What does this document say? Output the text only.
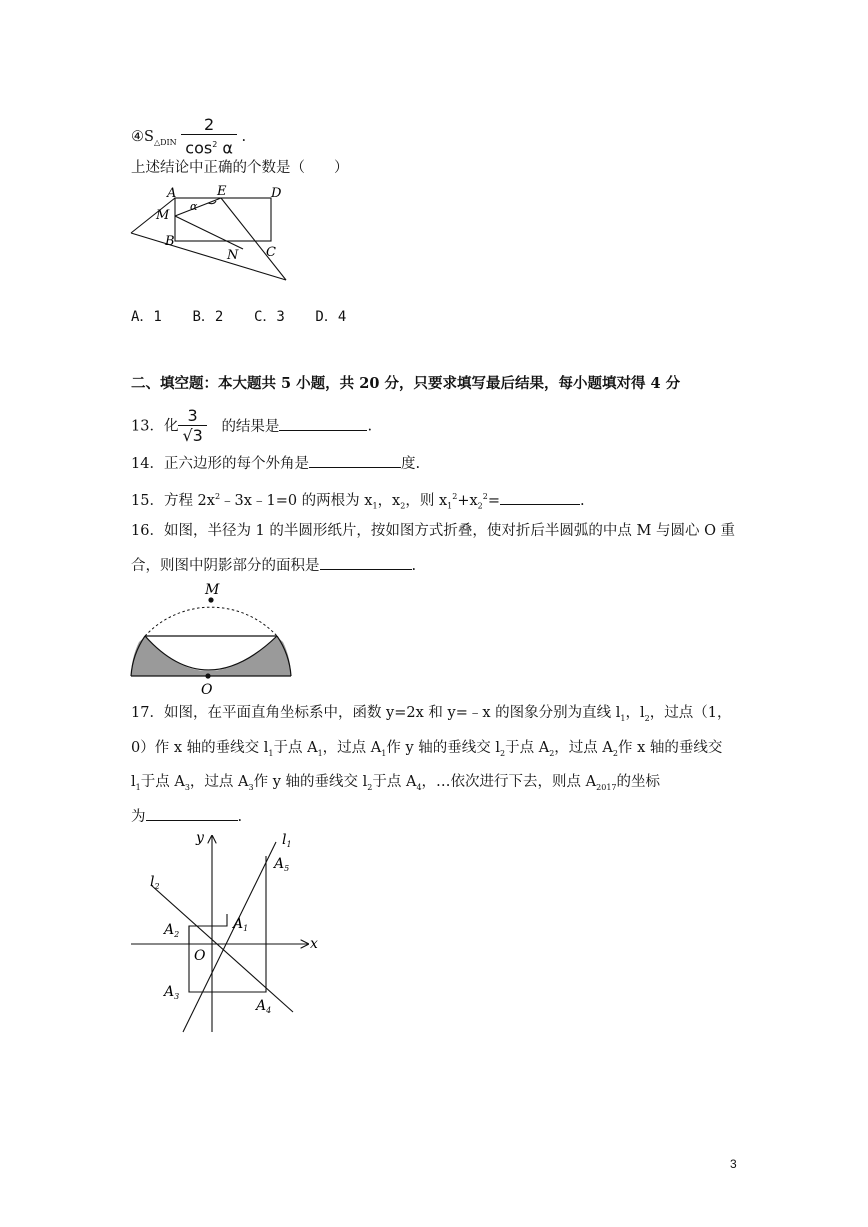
$④S_{\triangle DIN} \frac{2}{\cos^2 \alpha}$ .
上述结论中正确的个数是（　　）
A	E	D
M
α
B
C
N
A．1 B．2 C．3 D．4
二、填空题：本大题共 5 小题，共 20 分，只要求填写最后结果，每小题填对得 4 分
13．化 $\frac{3}{√3}$ 的结果是	.
14．正六边形的每个外角是	度.
15．方程 $2x^2﹣3x﹣1=0$ 的两根为 $x_1$，$x_2$，则 $x_1^2+x_2^2=$	.
16．如图，半径为 1 的半圆形纸片，按如图方式折叠，使对折后半圆弧的中点 M 与圆心 O 重
合，则图中阴影部分的面积是	.
M
O
17．如图，在平面直角坐标系中，函数 y=2x 和 y=﹣x 的图象分别为直线 $l_1$，$l_2$，过点（1，
0）作 x 轴的垂线交 $l_1$于点 $A_1$，过点 $A_1$作 y 轴的垂线交 $l_2$于点 $A_2$，过点 $A_2$作 x 轴的垂线交
$l_1$于点 $A_3$，过点 $A_3$作 y 轴的垂线交 $l_2$于点 $A_4$，…依次进行下去，则点 $A_{2017}$的坐标
为	.
y
x
$l_1$
$l_2$
$A_5$
$A_2$
$A_1$
O
$A_3$
$A_4$
3
